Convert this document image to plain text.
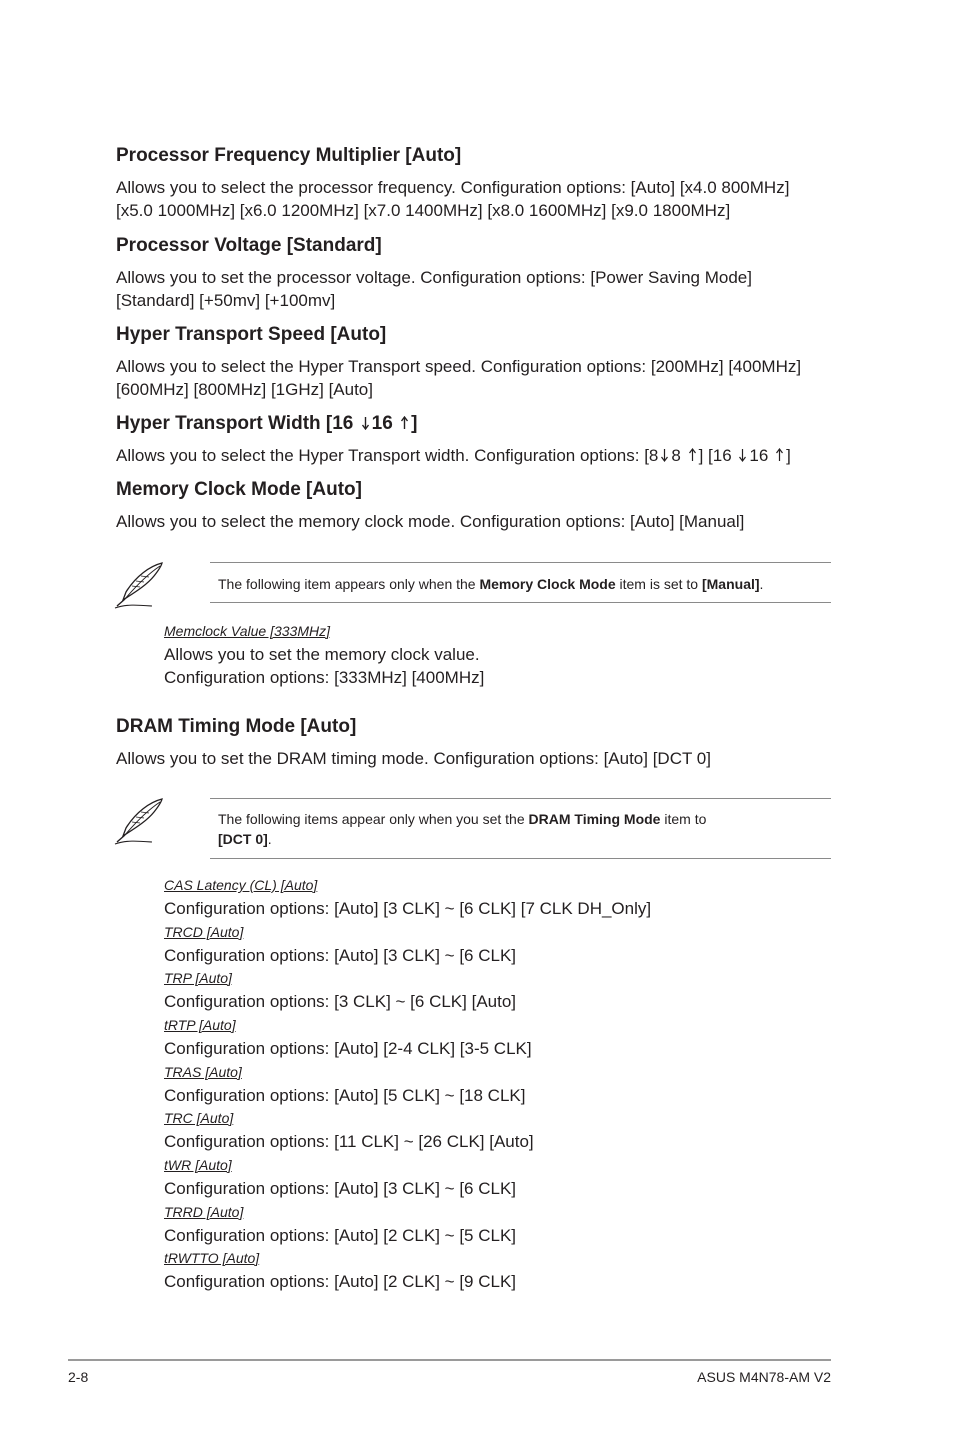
Processor Frequency Multiplier [Auto]
Allows you to select the processor frequency. Configuration options: [Auto] [x4.0 800MHz]
[x5.0 1000MHz] [x6.0 1200MHz] [x7.0 1400MHz] [x8.0 1600MHz] [x9.0 1800MHz]
Processor Voltage [Standard]
Allows you to set the processor voltage. Configuration options: [Power Saving Mode]
[Standard] [+50mv] [+100mv]
Hyper Transport Speed [Auto]
Allows you to select the Hyper Transport speed. Configuration options: [200MHz] [400MHz]
[600MHz] [800MHz] [1GHz] [Auto]
Hyper Transport Width [16 16 ]
Allows you to select the Hyper Transport width. Configuration options: [8 8 ] [16 16 ]
Memory Clock Mode [Auto]
Allows you to select the memory clock mode. Configuration options: [Auto] [Manual]
The following item appears only when the Memory Clock Mode item is set to [Manual].
Memclock Value [333MHz]
Allows you to set the memory clock value.
Configuration options: [333MHz] [400MHz]
DRAM Timing Mode [Auto]
Allows you to set the DRAM timing mode. Configuration options: [Auto] [DCT 0]
The following items appear only when you set the DRAM Timing Mode item to
[DCT 0].
CAS Latency (CL) [Auto]
Configuration options: [Auto] [3 CLK] ~ [6 CLK] [7 CLK DH_Only]
TRCD [Auto]
Configuration options: [Auto] [3 CLK] ~ [6 CLK]
TRP [Auto]
Configuration options: [3 CLK] ~ [6 CLK] [Auto]
tRTP [Auto]
Configuration options: [Auto] [2-4 CLK] [3-5 CLK]
TRAS [Auto]
Configuration options: [Auto] [5 CLK] ~ [18 CLK]
TRC [Auto]
Configuration options: [11 CLK] ~ [26 CLK] [Auto]
tWR [Auto]
Configuration options: [Auto] [3 CLK] ~ [6 CLK]
TRRD [Auto]
Configuration options: [Auto] [2 CLK] ~ [5 CLK]
tRWTTO [Auto]
Configuration options: [Auto] [2 CLK] ~ [9 CLK]
2-8	ASUS M4N78-AM V2
